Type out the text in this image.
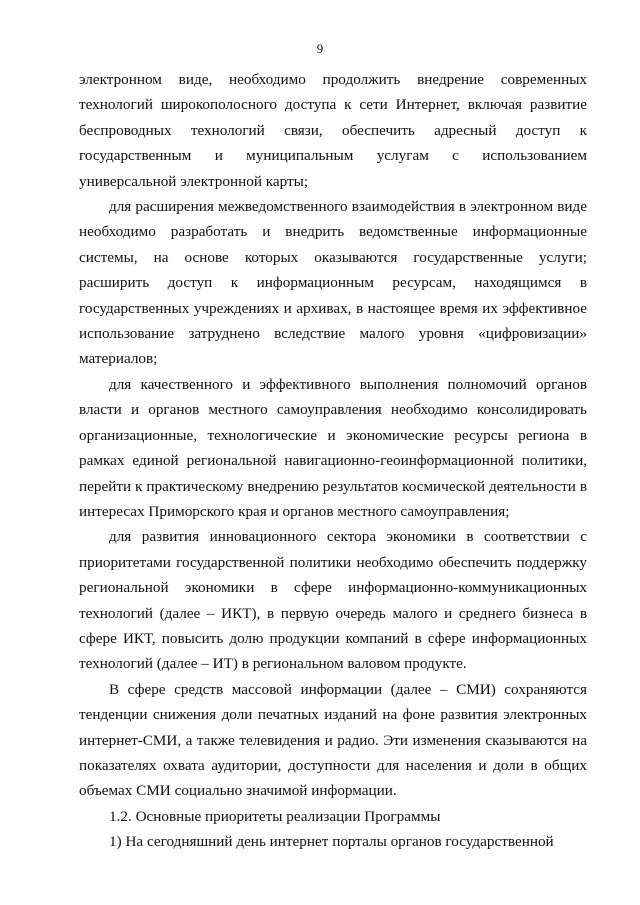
9

электронном виде, необходимо продолжить внедрение современных технологий широкополосного доступа к сети Интернет, включая развитие беспроводных технологий связи, обеспечить адресный доступ к государственным и муниципальным услугам с использованием универсальной электронной карты;

для расширения межведомственного взаимодействия в электронном виде необходимо разработать и внедрить ведомственные информационные системы, на основе которых оказываются государственные услуги; расширить доступ к информационным ресурсам, находящимся в государственных учреждениях и архивах, в настоящее время их эффективное использование затруднено вследствие малого уровня «цифровизации» материалов;

для качественного и эффективного выполнения полномочий органов власти и органов местного самоуправления необходимо консолидировать организационные, технологические и экономические ресурсы региона в рамках единой региональной навигационно-геоинформационной политики, перейти к практическому внедрению результатов космической деятельности в интересах Приморского края и органов местного самоуправления;

для развития инновационного сектора экономики в соответствии с приоритетами государственной политики необходимо обеспечить поддержку региональной экономики в сфере информационно-коммуникационных технологий (далее – ИКТ), в первую очередь малого и среднего бизнеса в сфере ИКТ, повысить долю продукции компаний в сфере информационных технологий (далее – ИТ) в региональном валовом продукте.

В сфере средств массовой информации (далее – СМИ) сохраняются тенденции снижения доли печатных изданий на фоне развития электронных интернет-СМИ, а также телевидения и радио. Эти изменения сказываются на показателях охвата аудитории, доступности для населения и доли в общих объемах СМИ социально значимой информации.

1.2. Основные приоритеты реализации Программы

1) На сегодняшний день интернет порталы органов государственной
